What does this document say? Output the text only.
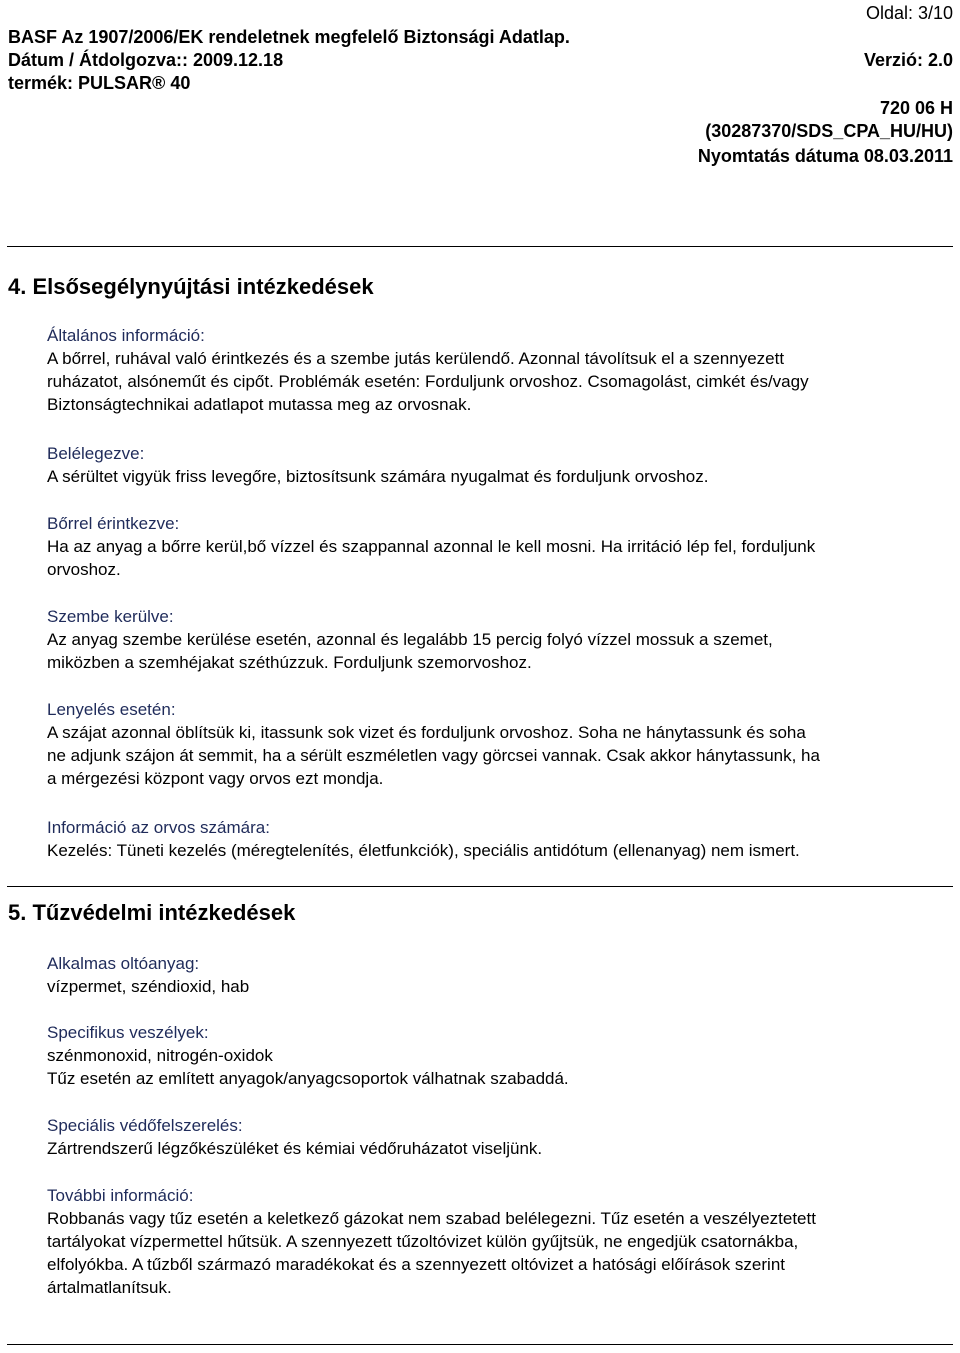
Oldal: 3/10

BASF Az 1907/2006/EK rendeletnek megfelelő Biztonsági Adatlap.

Dátum / Átdolgozva:: 2009.12.18	Verzió: 2.0

termék: PULSAR® 40

720 06 H

(30287370/SDS_CPA_HU/HU)

Nyomtatás dátuma 08.03.2011

4. Elsősegélynyújtási intézkedések

Általános információ:

A bőrrel, ruhával való érintkezés és a szembe jutás kerülendő. Azonnal távolítsuk el a szennyezett

ruházatot, alsóneműt és cipőt. Problémák esetén: Forduljunk orvoshoz. Csomagolást, cimkét és/vagy

Biztonságtechnikai adatlapot mutassa meg az orvosnak.

Belélegezve:

A sérültet vigyük friss levegőre, biztosítsunk számára nyugalmat és forduljunk orvoshoz.

Bőrrel érintkezve:

Ha az anyag a bőrre kerül,bő vízzel és szappannal azonnal le kell mosni. Ha irritáció lép fel, forduljunk

orvoshoz.

Szembe kerülve:

Az anyag szembe kerülése esetén, azonnal és legalább 15 percig folyó vízzel mossuk a szemet,

miközben a szemhéjakat széthúzzuk. Forduljunk szemorvoshoz.

Lenyelés esetén:

A szájat azonnal öblítsük ki, itassunk sok vizet és forduljunk orvoshoz. Soha ne hánytassunk és soha

ne adjunk szájon át semmit, ha a sérült eszméletlen vagy görcsei vannak. Csak akkor hánytassunk, ha

a mérgezési központ vagy orvos ezt mondja.

Információ az orvos számára:

Kezelés: Tüneti kezelés (méregtelenítés, életfunkciók), speciális antidótum (ellenanyag) nem ismert.

5. Tűzvédelmi intézkedések

Alkalmas oltóanyag:

vízpermet, széndioxid, hab

Specifikus veszélyek:

szénmonoxid, nitrogén-oxidok

Tűz esetén az említett anyagok/anyagcsoportok válhatnak szabaddá.

Speciális védőfelszerelés:

Zártrendszerű légzőkészüléket és kémiai védőruházatot viseljünk.

További információ:

Robbanás vagy tűz esetén a keletkező gázokat nem szabad belélegezni. Tűz esetén a veszélyeztetett

tartályokat vízpermettel hűtsük. A szennyezett tűzoltóvizet külön gyűjtsük, ne engedjük csatornákba,

elfolyókba. A tűzből származó maradékokat és a szennyezett oltóvizet a hatósági előírások szerint

ártalmatlanítsuk.
